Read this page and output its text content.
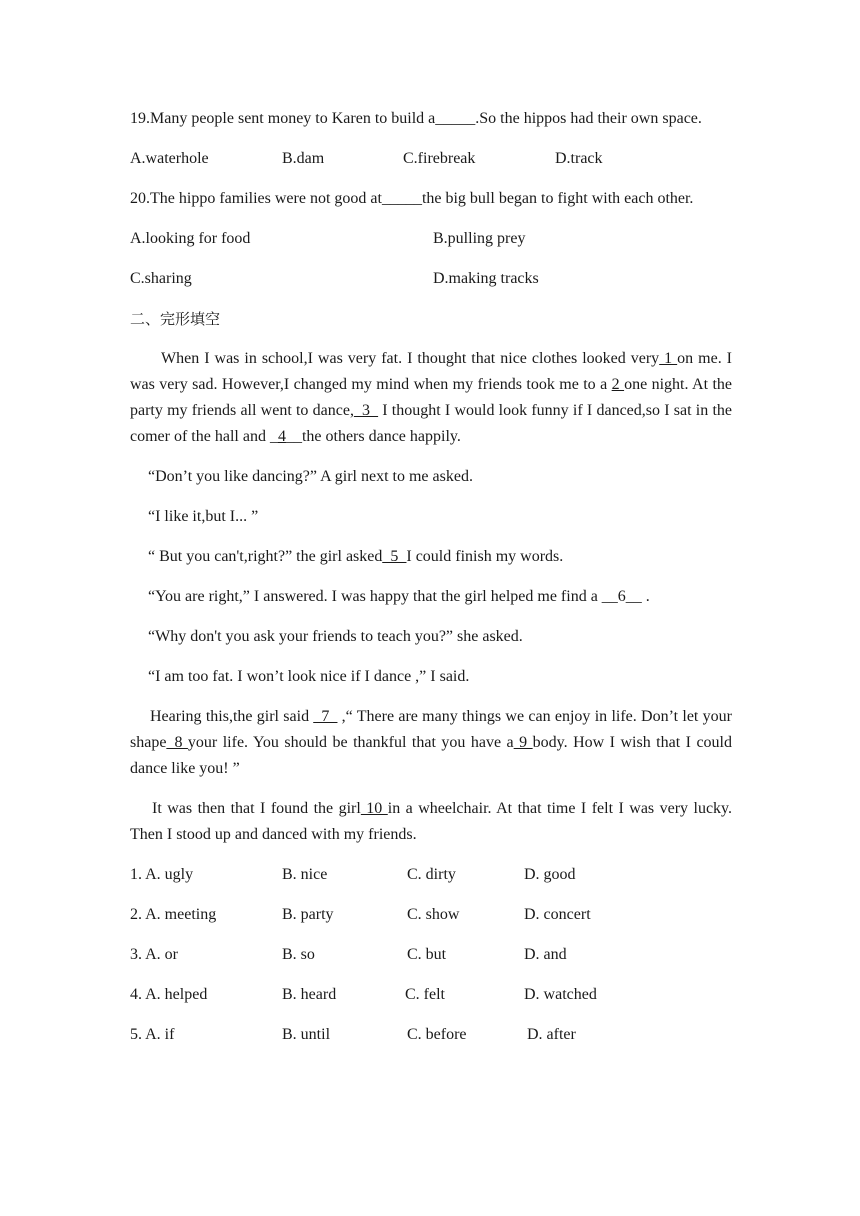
19.Many people sent money to Karen to build a_____.So the hippos had their own space.

A.waterhole	B.dam	C.firebreak	D.track

20.The hippo families were not good at_____the big bull began to fight with each other.

A.looking for food	B.pulling prey
C.sharing	D.making tracks

二、完形填空

When I was in school,I was very fat. I thought that nice clothes looked very 1 on me. I was very sad. However,I changed my mind when my friends took me to a 2 one night. At the party my friends all went to dance,_3_ I thought I would look funny if I danced,so I sat in the comer of the hall and _4__the others dance happily.

“Don’t you like dancing?” A girl next to me asked.

“I like it,but I... ”

“ But you can't,right?” the girl asked_5_I could finish my words.

“You are right,” I answered. I was happy that the girl helped me find a __6__ .

“Why don't you ask your friends to teach you?” she asked.

“I am too fat. I won’t look nice if I dance ,” I said.

Hearing this,the girl said _7_ ,“ There are many things we can enjoy in life. Don’t let your shape_8 your life. You should be thankful that you have a 9 body. How I wish that I could dance like you! ”

It was then that I found the girl 10 in a wheelchair. At that time I felt I was very lucky. Then I stood up and danced with my friends.

1. A. ugly	B. nice	C. dirty	D. good
2. A. meeting	B. party	C. show	D. concert
3. A. or	B. so	C. but	D. and
4. A. helped	B. heard	C. felt	D. watched
5. A. if	B. until	C. before	D. after
